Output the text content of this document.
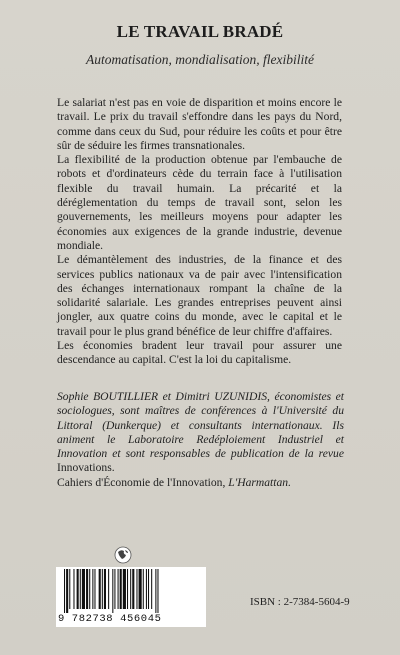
LE TRAVAIL BRADÉ
Automatisation, mondialisation, flexibilité

Le salariat n'est pas en voie de disparition et moins encore le travail. Le prix du travail s'effondre dans les pays du Nord, comme dans ceux du Sud, pour réduire les coûts et pour être sûr de séduire les firmes transnationales.

La flexibilité de la production obtenue par l'embauche de robots et d'ordinateurs cède du terrain face à l'utilisation flexible du travail humain. La précarité et la déréglementation du temps de travail sont, selon les gouvernements, les meilleurs moyens pour adapter les économies aux exigences de la grande industrie, devenue mondiale.

Le démantèlement des industries, de la finance et des services publics nationaux va de pair avec l'intensification des échanges internationaux rompant la chaîne de la solidarité salariale. Les grandes entreprises peuvent ainsi jongler, aux quatre coins du monde, avec le capital et le travail pour le plus grand bénéfice de leur chiffre d'affaires.

Les économies bradent leur travail pour assurer une descendance au capital. C'est la loi du capitalisme.

Sophie BOUTILLIER et Dimitri UZUNIDIS, économistes et sociologues, sont maîtres de conférences à l'Université du Littoral (Dunkerque) et consultants internationaux. Ils animent le Laboratoire Redéploiement Industriel et Innovation et sont responsables de publication de la revue Innovations.
Cahiers d'Économie de l'Innovation, L'Harmattan.
9 782738 456045
ISBN : 2-7384-5604-9
